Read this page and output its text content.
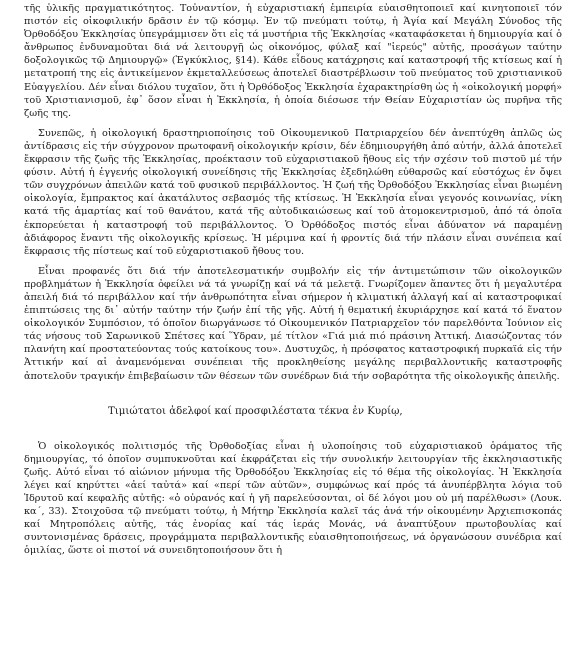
τῆς ὑλικῆς πραγματικότητος. Τοὐναντίον, ἡ εὐχαριστιακή ἐμπειρία εὐαισθητοποιεῖ καί κινητοποιεῖ τόν πιστόν εἰς οἰκοφιλικήν δρᾶσιν ἐν τῷ κόσμῳ. Ἐν τῷ πνεύματι τούτῳ, ἡ Ἁγία καί Μεγάλη Σύνοδος τῆς Ὀρθοδόξου Ἐκκλησίας ὑπεγράμμισεν ὅτι εἰς τά μυστήρια τῆς Ἐκκλησίας «καταφάσκεται ἡ δημιουργία καί ὁ ἄνθρωπος ἐνδυναμοῦται διά νά λειτουργῇ ὡς οἰκονόμος, φύλαξ καί "ἱερεύς" αὐτῆς, προσάγων ταύτην δοξολογικῶς τῷ Δημιουργῷ» (Ἐγκύκλιος, §14). Κάθε εἶδους κατάχρησις καί καταστροφή τῆς κτίσεως καί ἡ μετατροπή της εἰς ἀντικείμενον ἐκμεταλλεύσεως ἀποτελεῖ διαστρέβλωσιν τοῦ πνεύματος τοῦ χριστιανικοῦ Εὐαγγελίου. Δέν εἶναι διόλου τυχαῖον, ὅτι ἡ Ὀρθόδοξος Ἐκκλησία ἐχαρακτηρίσθη ὡς ἡ «οἰκολογική μορφή» τοῦ Χριστιανισμοῦ, ἐφ᾽ ὅσον εἶναι ἡ Ἐκκλησία, ἡ ὁποία διέσωσε τήν Θείαν Εὐχαριστίαν ὡς πυρῆνα τῆς ζωῆς της.

Συνεπῶς, ἡ οἰκολογική δραστηριοποίησις τοῦ Οἰκουμενικοῦ Πατριαρχείου δέν ἀνεπτύχθη ἁπλῶς ὡς ἀντίδρασις εἰς τήν σύγχρονον πρωτοφανῆ οἰκολογικήν κρίσιν, δέν ἐδημιουργήθη ἀπό αὐτήν, ἀλλά ἀποτελεῖ ἔκφρασιν τῆς ζωῆς τῆς Ἐκκλησίας, προέκτασιν τοῦ εὐχαριστιακοῦ ἤθους εἰς τήν σχέσιν τοῦ πιστοῦ μέ τήν φύσιν. Αὐτή ἡ ἐγγενής οἰκολογική συνείδησις τῆς Ἐκκλησίας ἐξεδηλώθη εὐθαρσῶς καί εὐστόχως ἐν ὄψει τῶν συγχρόνων ἀπειλῶν κατά τοῦ φυσικοῦ περιβάλλοντος. Ἡ ζωή τῆς Ὀρθοδόξου Ἐκκλησίας εἶναι βιωμένη οἰκολογία, ἔμπρακτος καί ἀκατάλυτος σεβασμός τῆς κτίσεως. Ἡ Ἐκκλησία εἶναι γεγονός κοινωνίας, νίκη κατά τῆς ἁμαρτίας καί τοῦ θανάτου, κατά τῆς αὐτοδικαιώσεως καί τοῦ ἀτομοκεντρισμοῦ, ἀπό τά ὁποῖα ἐκπορεύεται ἡ καταστροφή τοῦ περιβάλλοντος. Ὁ Ὀρθόδοξος πιστός εἶναι ἀδύνατον νά παραμένῃ ἀδιάφορος ἔναντι τῆς οἰκολογικῆς κρίσεως. Ἡ μέριμνα καί ἡ φροντίς διά τήν πλάσιν εἶναι συνέπεια καί ἔκφρασις τῆς πίστεως καί τοῦ εὐχαριστιακοῦ ἤθους του.

Εἶναι προφανές ὅτι διά τήν ἀποτελεσματικήν συμβολήν εἰς τήν ἀντιμετώπισιν τῶν οἰκολογικῶν προβλημάτων ἡ Ἐκκλησία ὀφείλει νά τά γνωρίζῃ καί νά τά μελετᾷ. Γνωρίζομεν ἅπαντες ὅτι ἡ μεγαλυτέρα ἀπειλή διά τό περιβάλλον καί τήν ἀνθρωπότητα εἶναι σήμερον ἡ κλιματική ἀλλαγή καί αἱ καταστροφικαί ἐπιπτώσεις της δι᾽ αὐτήν ταύτην τήν ζωήν ἐπί τῆς γῆς. Αὐτή ἡ θεματική ἐκυριάρχησε καί κατά τό ἕνατον οἰκολογικόν Συμπόσιον, τό ὁποῖον διωργάνωσε τό Οἰκουμενικόν Πατριαρχεῖον τόν παρελθόντα Ἰούνιον εἰς τάς νήσους τοῦ Σαρωνικοῦ Σπέτσες καί Ὕδραν, μέ τίτλον «Γιά μιά πιό πράσινη Ἀττική. Διασώζοντας τόν πλανήτη καί προστατεύοντας τούς κατοίκους του». Δυστυχῶς, ἡ πρόσφατος καταστροφική πυρκαϊά εἰς τήν Ἀττικήν καί αἱ ἀναμενόμεναι συνέπειαι τῆς προκληθείσης μεγάλης περιβαλλοντικῆς καταστροφῆς ἀποτελοῦν τραγικήν ἐπιβεβαίωσιν τῶν θέσεων τῶν συνέδρων διά τήν σοβαρότητα τῆς οἰκολογικῆς ἀπειλῆς.

Τιμιώτατοι ἀδελφοί καί προσφιλέστατα τέκνα ἐν Κυρίῳ,

Ὁ οἰκολογικός πολιτισμός τῆς Ὀρθοδοξίας εἶναι ἡ υλοποίησις τοῦ εὐχαριστιακοῦ ὁράματος τῆς δημιουργίας, τό ὁποῖον συμπυκνοῦται καί ἐκφράζεται εἰς τήν συνολικήν λειτουργίαν τῆς ἐκκλησιαστικῆς ζωῆς. Αὐτό εἶναι τό αἰώνιον μήνυμα τῆς Ὀρθοδόξου Ἐκκλησίας εἰς τό θέμα τῆς οἰκολογίας. Ἡ Ἐκκλησία λέγει καί κηρύττει «ἀεί ταὐτά» καί «περί τῶν αὐτῶν», συμφώνως καί πρός τά ἀνυπέρβλητα λόγια τοῦ Ἱδρυτοῦ καί κεφαλῆς αὐτῆς: «ὁ οὐρανός καί ἡ γῆ παρελεύσονται, οἱ δέ λόγοι μου οὐ μή παρέλθωσι» (Λουκ. κα΄, 33). Στοιχοῦσα τῷ πνεύματι τούτῳ, ἡ Μήτηρ Ἐκκλησία καλεῖ τάς ἀνά τήν οἰκουμένην Ἀρχιεπισκοπάς καί Μητροπόλεις αὐτῆς, τάς ἐνορίας καί τάς ἱεράς Μονάς, νά ἀναπτύξουν πρωτοβουλίας καί συντονισμένας δράσεις, προγράμματα περιβαλλοντικῆς εὐαισθητοποιήσεως, νά ὀργανώσουν συνέδρια καί ὁμιλίας, ὥστε οἱ πιστοί νά συνειδητοποιήσουν ὅτι ἡ
